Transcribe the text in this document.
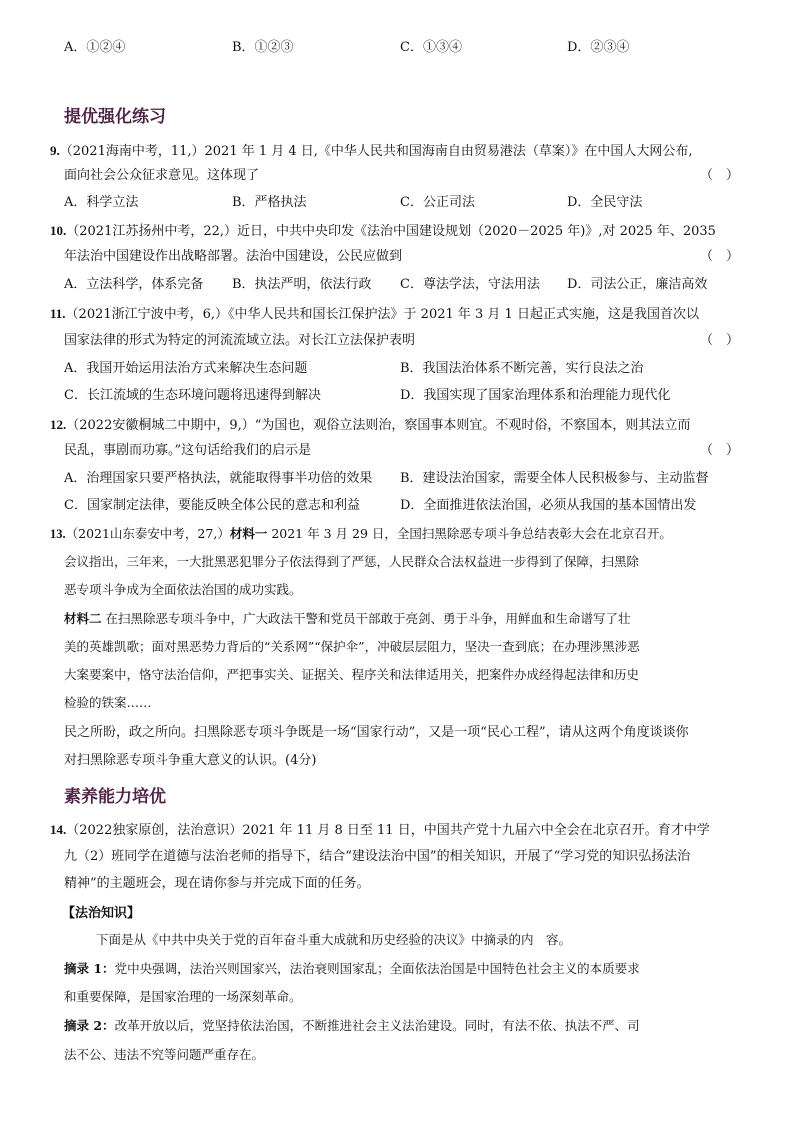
A．①②④	B．①②③	C．①③④	D．②③④
提优强化练习
9.（2021海南中考，11,）2021 年 1 月 4 日,《中华人民共和国海南自由贸易港法（草案）》在中国人大网公布,
面向社会公众征求意见。这体现了	（　）
A．科学立法	B．严格执法	C．公正司法	D．全民守法
10.（2021江苏扬州中考，22,）近日，中共中央印发《法治中国建设规划（2020－2025 年)》,对 2025 年、2035
年法治中国建设作出战略部署。法治中国建设，公民应做到	（　）
A．立法科学，体系完备 B．执法严明，依法行政 C．尊法学法，守法用法 D．司法公正，廉洁高效
11.（2021浙江宁波中考，6,）《中华人民共和国长江保护法》于 2021 年 3 月 1 日起正式实施，这是我国首次以
国家法律的形式为特定的河流流域立法。对长江立法保护表明	（　）
A．我国开始运用法治方式来解决生态问题	B．我国法治体系不断完善，实行良法之治
C．长江流域的生态环境问题将迅速得到解决	D．我国实现了国家治理体系和治理能力现代化
12.（2022安徽桐城二中期中，9,）“为国也，观俗立法则治，察国事本则宜。不观时俗，不察国本，则其法立而
民乱，事剧而功寡。”这句话给我们的启示是	（　）
A．治理国家只要严格执法，就能取得事半功倍的效果 B．建设法治国家，需要全体人民积极参与、主动监督
C．国家制定法律，要能反映全体公民的意志和利益	D．全面推进依法治国，必须从我国的基本国情出发
13.（2021山东泰安中考，27,）材料一 2021 年 3 月 29 日，全国扫黑除恶专项斗争总结表彰大会在北京召开。
会议指出，三年来，一大批黑恶犯罪分子依法得到了严惩，人民群众合法权益进一步得到了保障，扫黑除
恶专项斗争成为全面依法治国的成功实践。
材料二 在扫黑除恶专项斗争中，广大政法干警和党员干部敢于亮剑、勇于斗争，用鲜血和生命谱写了壮
美的英雄凯歌；面对黑恶势力背后的“关系网”“保护伞”，冲破层层阻力，坚决一查到底；在办理涉黑涉恶
大案要案中，恪守法治信仰，严把事实关、证据关、程序关和法律适用关，把案件办成经得起法律和历史
检验的铁案……
民之所盼，政之所向。扫黑除恶专项斗争既是一场“国家行动”，又是一项“民心工程”，请从这两个角度谈谈你
对扫黑除恶专项斗争重大意义的认识。(4分)
素养能力培优
14.（2022独家原创，法治意识）2021 年 11 月 8 日至 11 日，中国共产党十九届六中全会在北京召开。育才中学
九（2）班同学在道德与法治老师的指导下，结合“建设法治中国”的相关知识，开展了“学习党的知识弘扬法治
精神”的主题班会，现在请你参与并完成下面的任务。
【法治知识】
下面是从《中共中央关于党的百年奋斗重大成就和历史经验的决议》中摘录的内　容。
摘录 1：党中央强调，法治兴则国家兴，法治衰则国家乱；全面依法治国是中国特色社会主义的本质要求
和重要保障，是国家治理的一场深刻革命。
摘录 2：改革开放以后，党坚持依法治国，不断推进社会主义法治建设。同时，有法不依、执法不严、司
法不公、违法不究等问题严重存在。
